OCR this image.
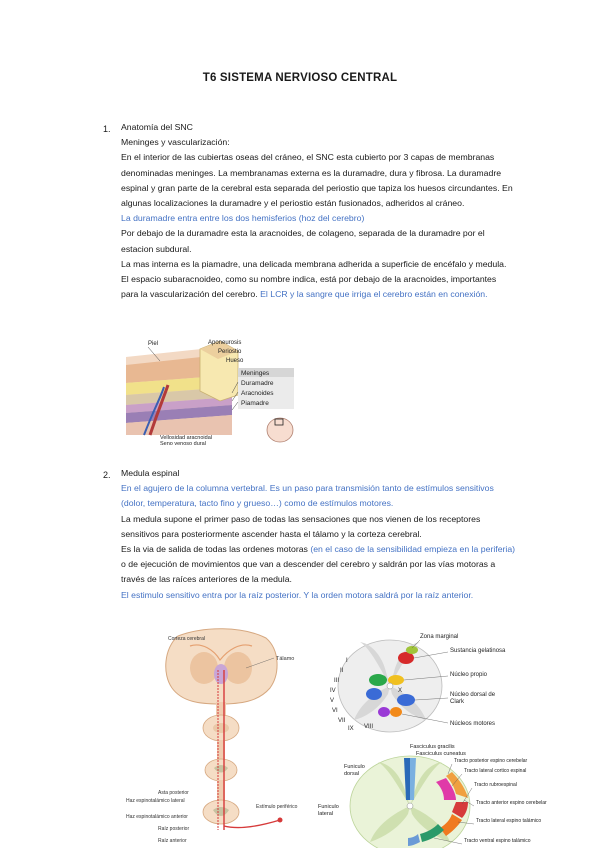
T6 SISTEMA NERVIOSO CENTRAL
1. Anatomía del SNC

Meninges y vascularización:

En el interior de las cubiertas oseas del cráneo, el SNC esta cubierto por 3 capas de membranas denominadas meninges. La membranamas externa es la duramadre, dura y fibrosa. La duramadre espinal y gran parte de la cerebral esta separada del periostio que tapiza los huesos circundantes. En algunas localizaciones la duramadre y el periostio están fusionados, adheridos al cráneo.

La duramadre entra entre los dos hemisferios (hoz del cerebro)

Por debajo de la duramadre esta la aracnoides, de colageno, separada de la duramadre por el estacion subdural.

La mas interna es la piamadre, una delicada membrana adherida a superficie de encéfalo y medula. El espacio subaracnoideo, como su nombre indica, está por debajo de la aracnoides, importantes para la vascularización del cerebro. El LCR y la sangre que irriga el cerebro están en conexión.

Piel	Aponeurosis
Periostio
Hueso
Meninges
Duramadre
Aracnoides
Piamadre
Vellosidad aracnoidal
Seno venoso dural
2. Medula espinal

En el agujero de la columna vertebral. Es un paso para transmisión tanto de estímulos sensitivos (dolor, temperatura, tacto fino y grueso…) como de estímulos motores.

La medula supone el primer paso de todas las sensaciones que nos vienen de los receptores sensitivos para posteriormente ascender hasta el tálamo y la corteza cerebral.

Es la via de salida de todas las ordenes motoras (en el caso de la sensibilidad empieza en la periferia) o de ejecución de movimientos que van a descender del cerebro y saldrán por las vías motoras a través de las raíces anteriores de la medula.

El estimulo sensitivo entra por la raíz posterior. Y la orden motora saldrá por la raíz anterior.

Corteza cerebral
Tálamo
Asta posterior
Haz espinotalámico lateral
Haz espinotalámico anterior
Raíz posterior
Raíz anterior
Estímulo periférico
I
II
III
IV
V
VI
VII
VIII
IX
X
Zona marginal
Sustancia gelatinosa
Núcleo propio
Núcleo dorsal de Clark
Núcleos motores
Fasciculus gracilis
Fasciculus cuneatus
Funiculo dorsal
Funiculo lateral
Tracto posterior espino cerebelar
Tracto lateral cortico espinal
Tracto rubroespinal
Tracto anterior espino cerebelar
Tracto lateral espino talámico
Tracto ventral espino talámico
